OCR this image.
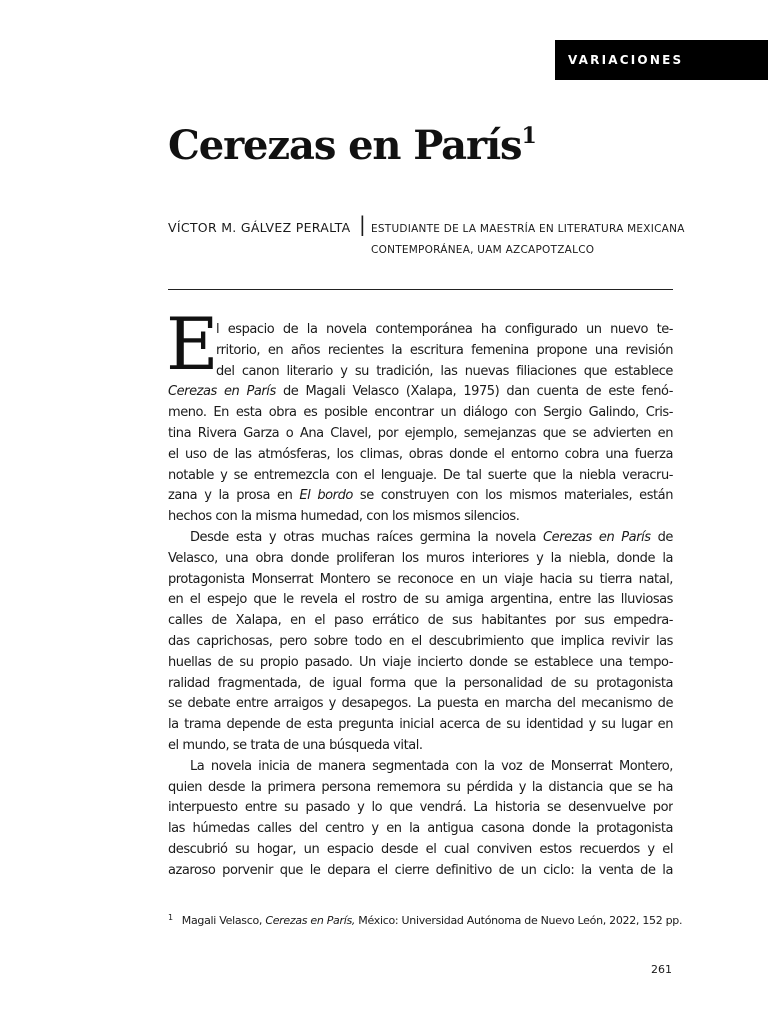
VARIACIONES
Cerezas en París$^1$
VÍCTOR M. GÁLVEZ PERALTA | ESTUDIANTE DE LA MAESTRÍA EN LITERATURA MEXICANA
CONTEMPORÁNEA, UAM AZCAPOTZALCO
E
l espacio de la novela contemporánea ha configurado un nuevo te-
rritorio, en años recientes la escritura femenina propone una revisión
del canon literario y su tradición, las nuevas filiaciones que establece
Cerezas en París de Magali Velasco (Xalapa, 1975) dan cuenta de este fenó-
meno. En esta obra es posible encontrar un diálogo con Sergio Galindo, Cris-
tina Rivera Garza o Ana Clavel, por ejemplo, semejanzas que se advierten en
el uso de las atmósferas, los climas, obras donde el entorno cobra una fuerza
notable y se entremezcla con el lenguaje. De tal suerte que la niebla veracru-
zana y la prosa en El bordo se construyen con los mismos materiales, están
hechos con la misma humedad, con los mismos silencios.
Desde esta y otras muchas raíces germina la novela Cerezas en París de
Velasco, una obra donde proliferan los muros interiores y la niebla, donde la
protagonista Monserrat Montero se reconoce en un viaje hacia su tierra natal,
en el espejo que le revela el rostro de su amiga argentina, entre las lluviosas
calles de Xalapa, en el paso errático de sus habitantes por sus empedra-
das caprichosas, pero sobre todo en el descubrimiento que implica revivir las
huellas de su propio pasado. Un viaje incierto donde se establece una tempo-
ralidad fragmentada, de igual forma que la personalidad de su protagonista
se debate entre arraigos y desapegos. La puesta en marcha del mecanismo de
la trama depende de esta pregunta inicial acerca de su identidad y su lugar en
el mundo, se trata de una búsqueda vital.
La novela inicia de manera segmentada con la voz de Monserrat Montero,
quien desde la primera persona rememora su pérdida y la distancia que se ha
interpuesto entre su pasado y lo que vendrá. La historia se desenvuelve por
las húmedas calles del centro y en la antigua casona donde la protagonista
descubrió su hogar, un espacio desde el cual conviven estos recuerdos y el
azaroso porvenir que le depara el cierre definitivo de un ciclo: la venta de la
$^1$ Magali Velasco, Cerezas en París, México: Universidad Autónoma de Nuevo León, 2022, 152 pp.
261
